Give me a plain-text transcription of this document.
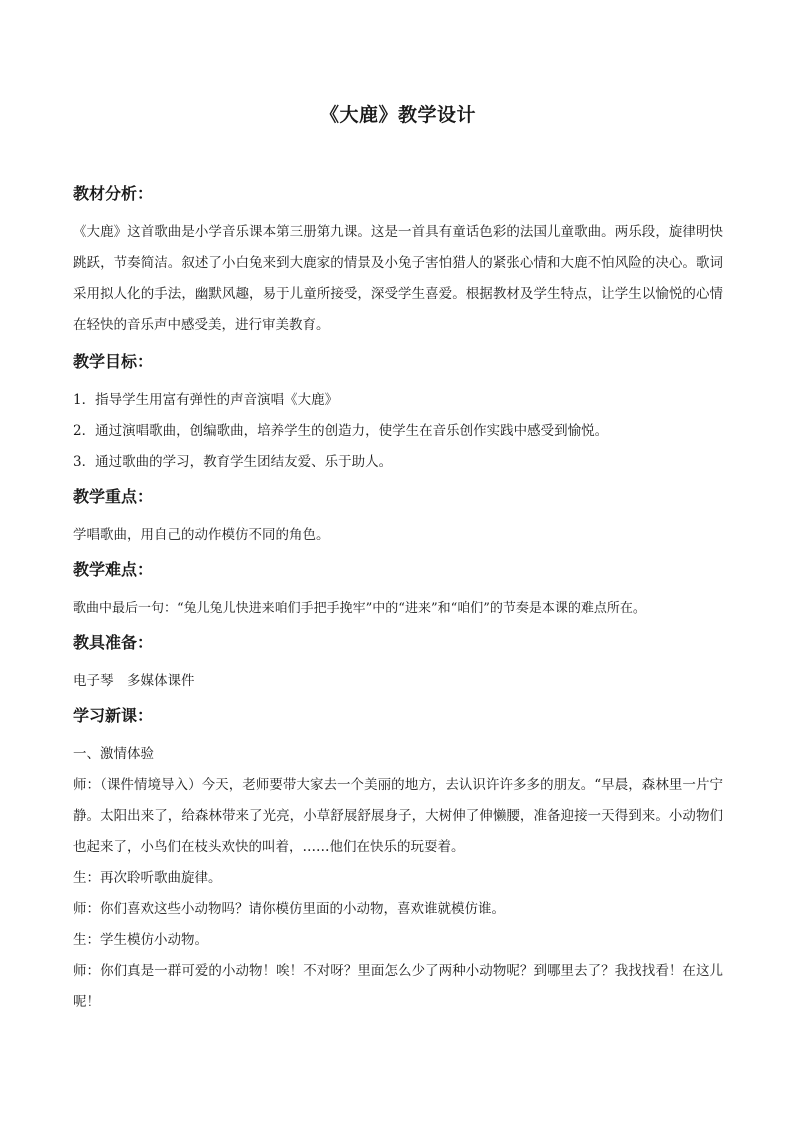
《大鹿》教学设计
教材分析：

《大鹿》这首歌曲是小学音乐课本第三册第九课。这是一首具有童话色彩的法国儿童歌曲。两乐段，旋律明快跳跃，节奏简洁。叙述了小白兔来到大鹿家的情景及小兔子害怕猎人的紧张心情和大鹿不怕风险的决心。歌词采用拟人化的手法，幽默风趣，易于儿童所接受，深受学生喜爱。根据教材及学生特点，让学生以愉悦的心情在轻快的音乐声中感受美，进行审美教育。

教学目标：

1．指导学生用富有弹性的声音演唱《大鹿》

2．通过演唱歌曲，创编歌曲，培养学生的创造力，使学生在音乐创作实践中感受到愉悦。

3．通过歌曲的学习，教育学生团结友爱、乐于助人。

教学重点：

学唱歌曲，用自己的动作模仿不同的角色。

教学难点：

歌曲中最后一句：“兔儿兔儿快进来咱们手把手挽牢”中的“进来”和“咱们”的节奏是本课的难点所在。

教具准备：

电子琴　多媒体课件

学习新课：

一、激情体验

师：（课件情境导入）今天，老师要带大家去一个美丽的地方，去认识许许多多的朋友。“早晨，森林里一片宁静。太阳出来了，给森林带来了光亮，小草舒展舒展身子，大树伸了伸懒腰，准备迎接一天得到来。小动物们也起来了，小鸟们在枝头欢快的叫着，……他们在快乐的玩耍着。

生：再次聆听歌曲旋律。

师：你们喜欢这些小动物吗？请你模仿里面的小动物，喜欢谁就模仿谁。

生：学生模仿小动物。

师：你们真是一群可爱的小动物！唉！不对呀？里面怎么少了两种小动物呢？到哪里去了？我找找看！在这儿呢！
